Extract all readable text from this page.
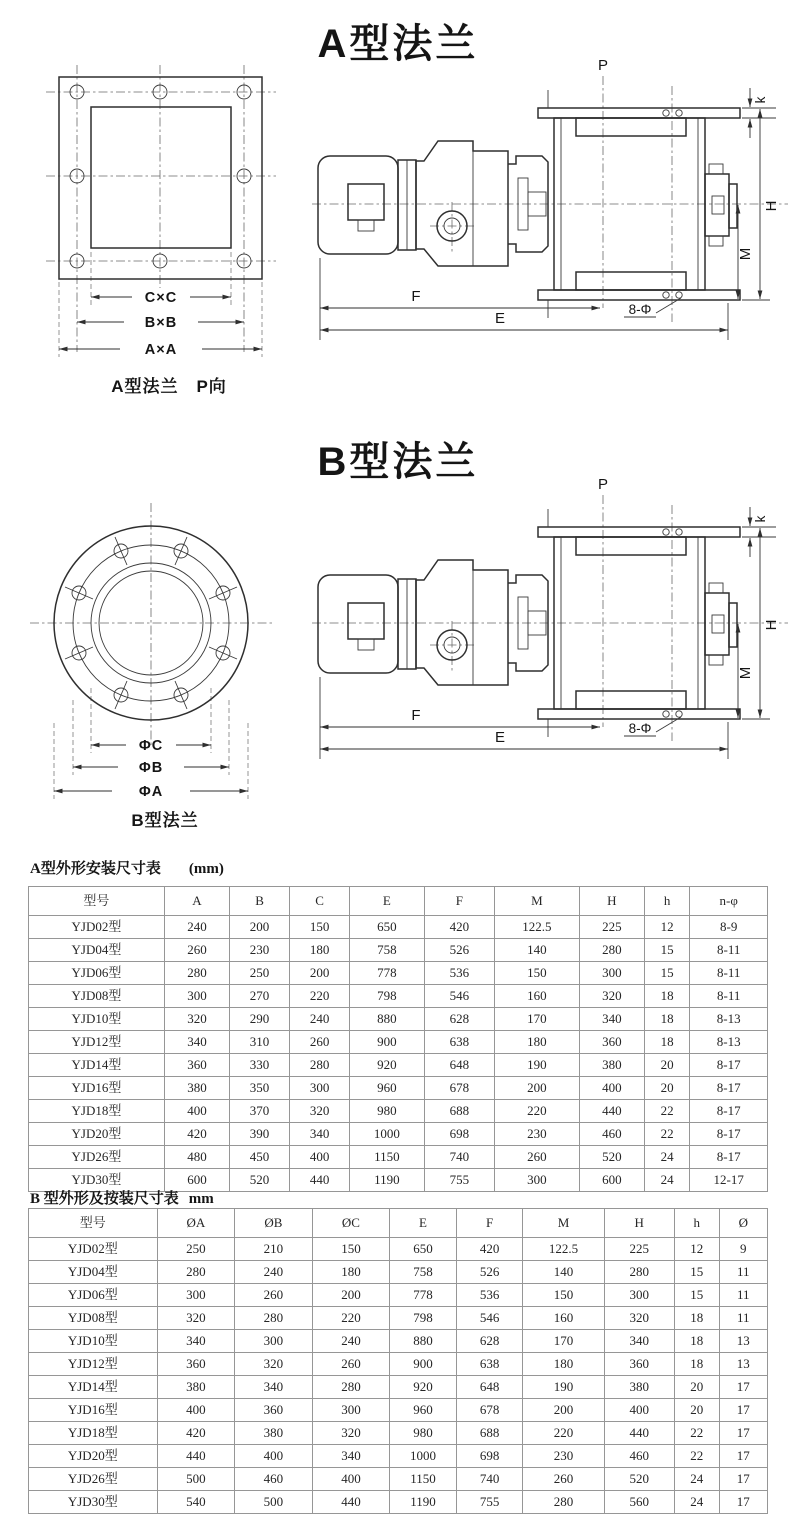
A型法兰
C×C
B×B
A×A
A型法兰　P向
P
k
H
M
F
E
8-Φ
B型法兰
ΦC
ΦB
ΦA
B型法兰
P
k
H
M
F
E
8-Φ
A型外形安装尺寸表 (mm)
型号	A	B	C	E	F	M	H	h	n-φ
YJD02型	240	200	150	650	420	122.5	225	12	8-9
YJD04型	260	230	180	758	526	140	280	15	8-11
YJD06型	280	250	200	778	536	150	300	15	8-11
YJD08型	300	270	220	798	546	160	320	18	8-11
YJD10型	320	290	240	880	628	170	340	18	8-13
YJD12型	340	310	260	900	638	180	360	18	8-13
YJD14型	360	330	280	920	648	190	380	20	8-17
YJD16型	380	350	300	960	678	200	400	20	8-17
YJD18型	400	370	320	980	688	220	440	22	8-17
YJD20型	420	390	340	1000	698	230	460	22	8-17
YJD26型	480	450	400	1150	740	260	520	24	8-17
YJD30型	600	520	440	1190	755	300	600	24	12-17
B 型外形及按装尺寸表 mm
型号	ØA	ØB	ØC	E	F	M	H	h	Ø
YJD02型	250	210	150	650	420	122.5	225	12	9
YJD04型	280	240	180	758	526	140	280	15	11
YJD06型	300	260	200	778	536	150	300	15	11
YJD08型	320	280	220	798	546	160	320	18	11
YJD10型	340	300	240	880	628	170	340	18	13
YJD12型	360	320	260	900	638	180	360	18	13
YJD14型	380	340	280	920	648	190	380	20	17
YJD16型	400	360	300	960	678	200	400	20	17
YJD18型	420	380	320	980	688	220	440	22	17
YJD20型	440	400	340	1000	698	230	460	22	17
YJD26型	500	460	400	1150	740	260	520	24	17
YJD30型	540	500	440	1190	755	280	560	24	17
